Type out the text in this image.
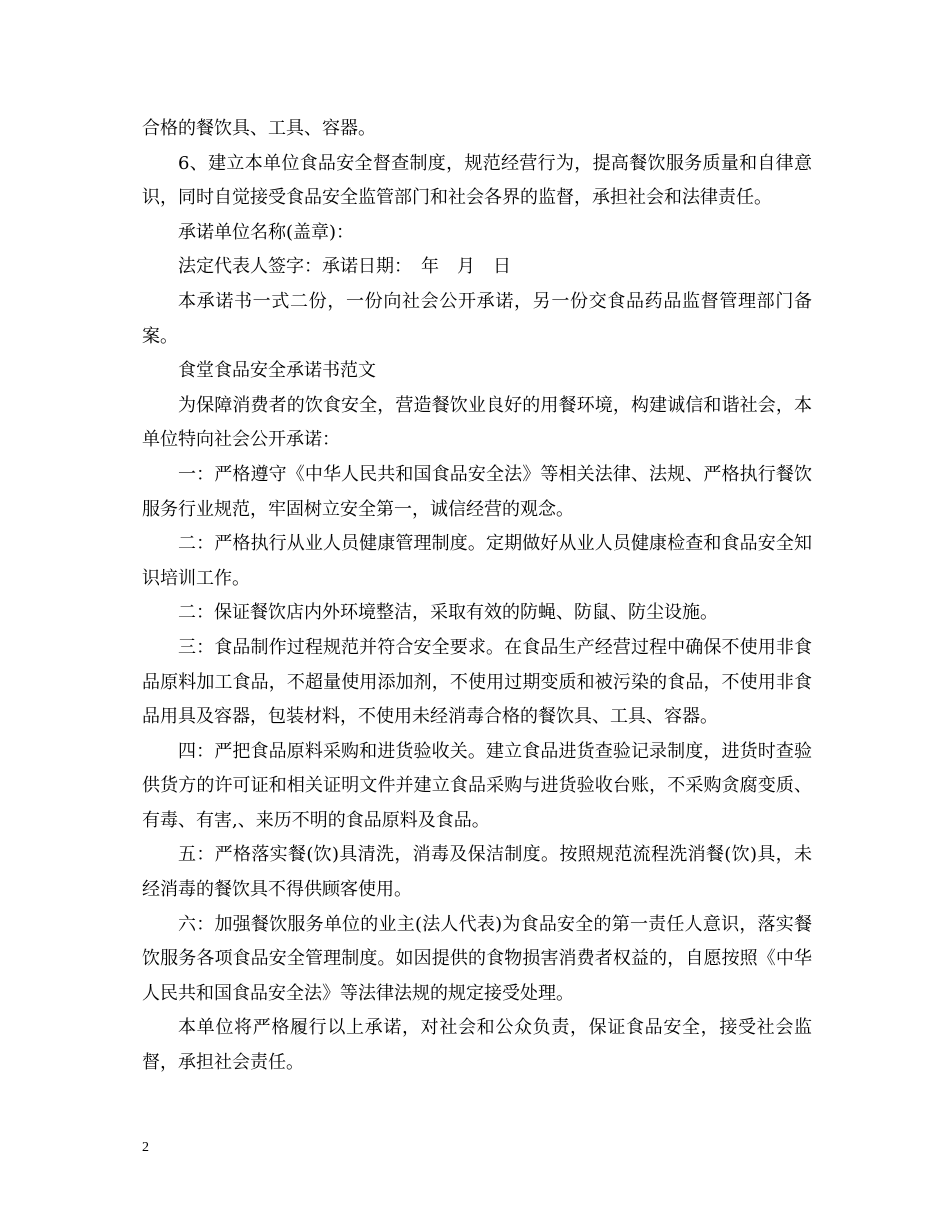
合格的餐饮具、工具、容器。

6、建立本单位食品安全督查制度，规范经营行为，提高餐饮服务质量和自律意识，同时自觉接受食品安全监管部门和社会各界的监督，承担社会和法律责任。

承诺单位名称(盖章)：

法定代表人签字：承诺日期：　年　月　日

本承诺书一式二份，一份向社会公开承诺，另一份交食品药品监督管理部门备案。

食堂食品安全承诺书范文

为保障消费者的饮食安全，营造餐饮业良好的用餐环境，构建诚信和谐社会，本单位特向社会公开承诺：

一：严格遵守《中华人民共和国食品安全法》等相关法律、法规、严格执行餐饮服务行业规范，牢固树立安全第一，诚信经营的观念。

二：严格执行从业人员健康管理制度。定期做好从业人员健康检查和食品安全知识培训工作。

二：保证餐饮店内外环境整洁，采取有效的防蝇、防鼠、防尘设施。

三：食品制作过程规范并符合安全要求。在食品生产经营过程中确保不使用非食品原料加工食品，不超量使用添加剂，不使用过期变质和被污染的食品，不使用非食品用具及容器，包装材料，不使用未经消毒合格的餐饮具、工具、容器。

四：严把食品原料采购和进货验收关。建立食品进货查验记录制度，进货时查验供货方的许可证和相关证明文件并建立食品采购与进货验收台账，不采购贪腐变质、有毒、有害,、来历不明的食品原料及食品。

五：严格落实餐(饮)具清洗，消毒及保洁制度。按照规范流程洗消餐(饮)具，未经消毒的餐饮具不得供顾客使用。

六：加强餐饮服务单位的业主(法人代表)为食品安全的第一责任人意识，落实餐饮服务各项食品安全管理制度。如因提供的食物损害消费者权益的，自愿按照《中华人民共和国食品安全法》等法律法规的规定接受处理。

本单位将严格履行以上承诺，对社会和公众负责，保证食品安全，接受社会监督，承担社会责任。

2
